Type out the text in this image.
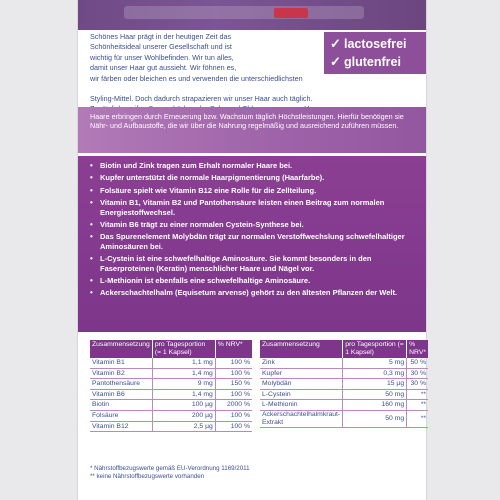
Schönes Haar prägt in der heutigen Zeit das
Schönheitsideal unserer Gesellschaft und ist
wichtig für unser Wohlbefinden. Wir tun alles,
damit unser Haar gut aussieht. Wir föhnen es,
wir färben oder bleichen es und verwenden die unterschiedlichsten
Styling-Mittel. Doch dadurch strapazieren wir unser Haar auch täglich.
✓ lactosefrei
✓ glutenfrei
Haare erbringen durch Erneuerung bzw. Wachstum täglich Höchstleistungen. Hierfür benötigen sie Nähr- und Aufbaustoffe, die wir über die Nahrung regelmäßig und ausreichend zuführen müssen.
• Biotin und Zink tragen zum Erhalt normaler Haare bei.
• Kupfer unterstützt die normale Haarpigmentierung (Haarfarbe).
• Folsäure spielt wie Vitamin B12 eine Rolle für die Zellteilung.
• Vitamin B1, Vitamin B2 und Pantothensäure leisten einen Beitrag zum normalen Energiestoffwechsel.
• Vitamin B6 trägt zu einer normalen Cystein-Synthese bei.
• Das Spurenelement Molybdän trägt zur normalen Verstoffwechslung schwefelhaltiger Aminosäuren bei.
• L-Cystein ist eine schwefelhaltige Aminosäure. Sie kommt besonders in den Faserproteinen (Keratin) menschlicher Haare und Nägel vor.
• L-Methionin ist ebenfalls eine schwefelhaltige Aminosäure.
• Ackerschachtelhalm (Equisetum arvense) gehört zu den ältesten Pflanzen der Welt.
Zusammensetzung	pro Tagesportion (= 1 Kapsel)	% NRV*
Vitamin B1	1,1 mg	100 %
Vitamin B2	1,4 mg	100 %
Pantothensäure	9 mg	150 %
Vitamin B6	1,4 mg	100 %
Biotin	100 µg	2000 %
Folsäure	200 µg	100 %
Vitamin B12	2,5 µg	100 %
Zusammensetzung	pro Tagesportion (= 1 Kapsel)	% NRV*
Zink	5 mg	50 %
Kupfer	0,3 mg	30 %
Molybdän	15 µg	30 %
L-Cystein	50 mg	**
L-Methionin	160 mg	**
Ackerschachtelhalmkraut-Extrakt	50 mg	**
* Nährstoffbezugswerte gemäß EU-Verordnung 1169/2011
** keine Nährstoffbezugswerte vorhanden
